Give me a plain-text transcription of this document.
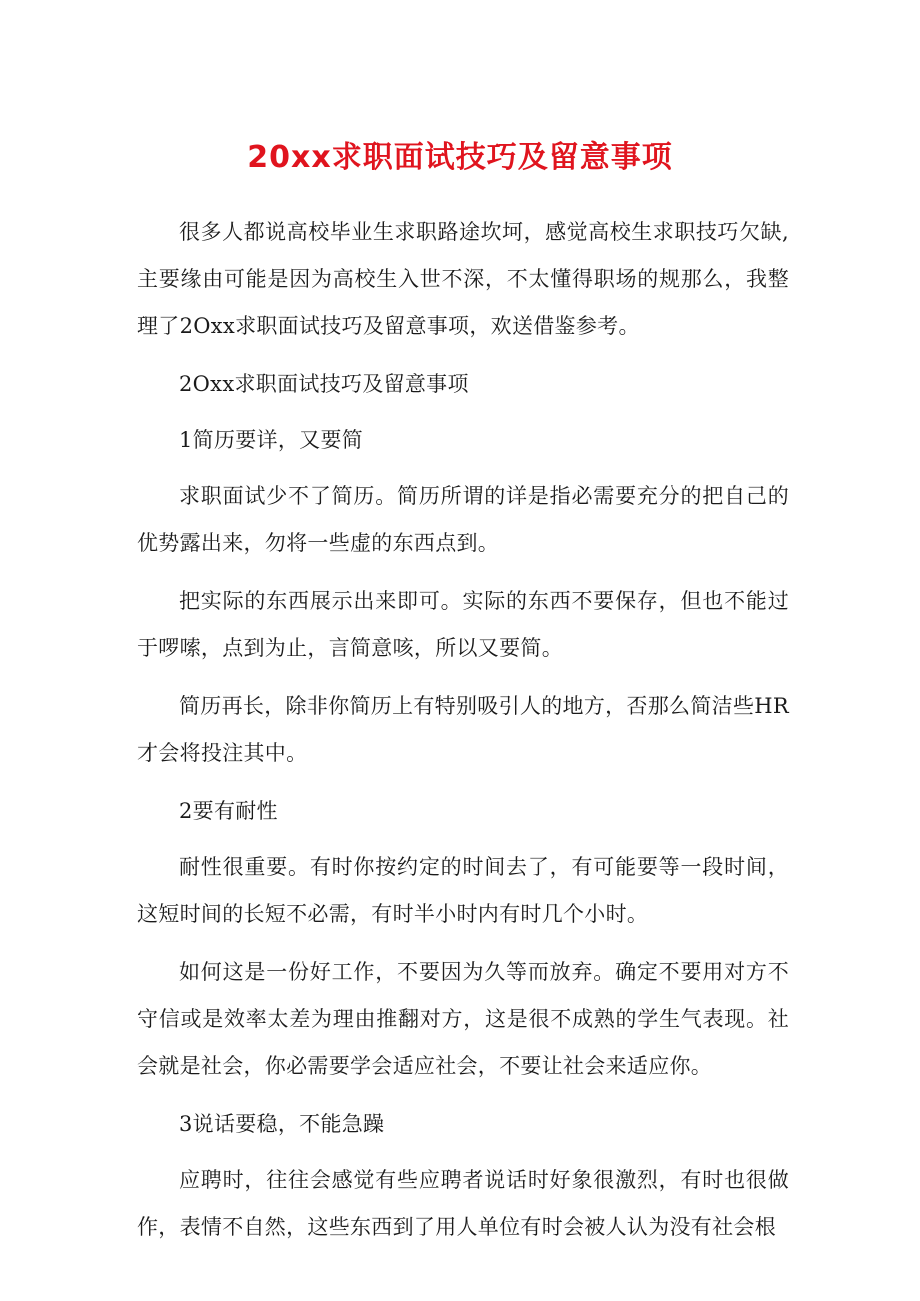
20xx求职面试技巧及留意事项

很多人都说高校毕业生求职路途坎坷，感觉高校生求职技巧欠缺,主要缘由可能是因为高校生入世不深，不太懂得职场的规那么，我整理了2Oxx求职面试技巧及留意事项，欢送借鉴参考。

2Oxx求职面试技巧及留意事项

1简历要详，又要简

求职面试少不了简历。简历所谓的详是指必需要充分的把自己的优势露出来，勿将一些虚的东西点到。

把实际的东西展示出来即可。实际的东西不要保存，但也不能过于啰嗦，点到为止，言简意咳，所以又要简。

简历再长，除非你简历上有特别吸引人的地方，否那么简洁些HR才会将投注其中。

2要有耐性

耐性很重要。有时你按约定的时间去了，有可能要等一段时间，这短时间的长短不必需，有时半小时内有时几个小时。

如何这是一份好工作，不要因为久等而放弃。确定不要用对方不守信或是效率太差为理由推翻对方，这是很不成熟的学生气表现。社会就是社会，你必需要学会适应社会，不要让社会来适应你。

3说话要稳，不能急躁

应聘时，往往会感觉有些应聘者说话时好象很激烈，有时也很做作，表情不自然，这些东西到了用人单位有时会被人认为没有社会根
